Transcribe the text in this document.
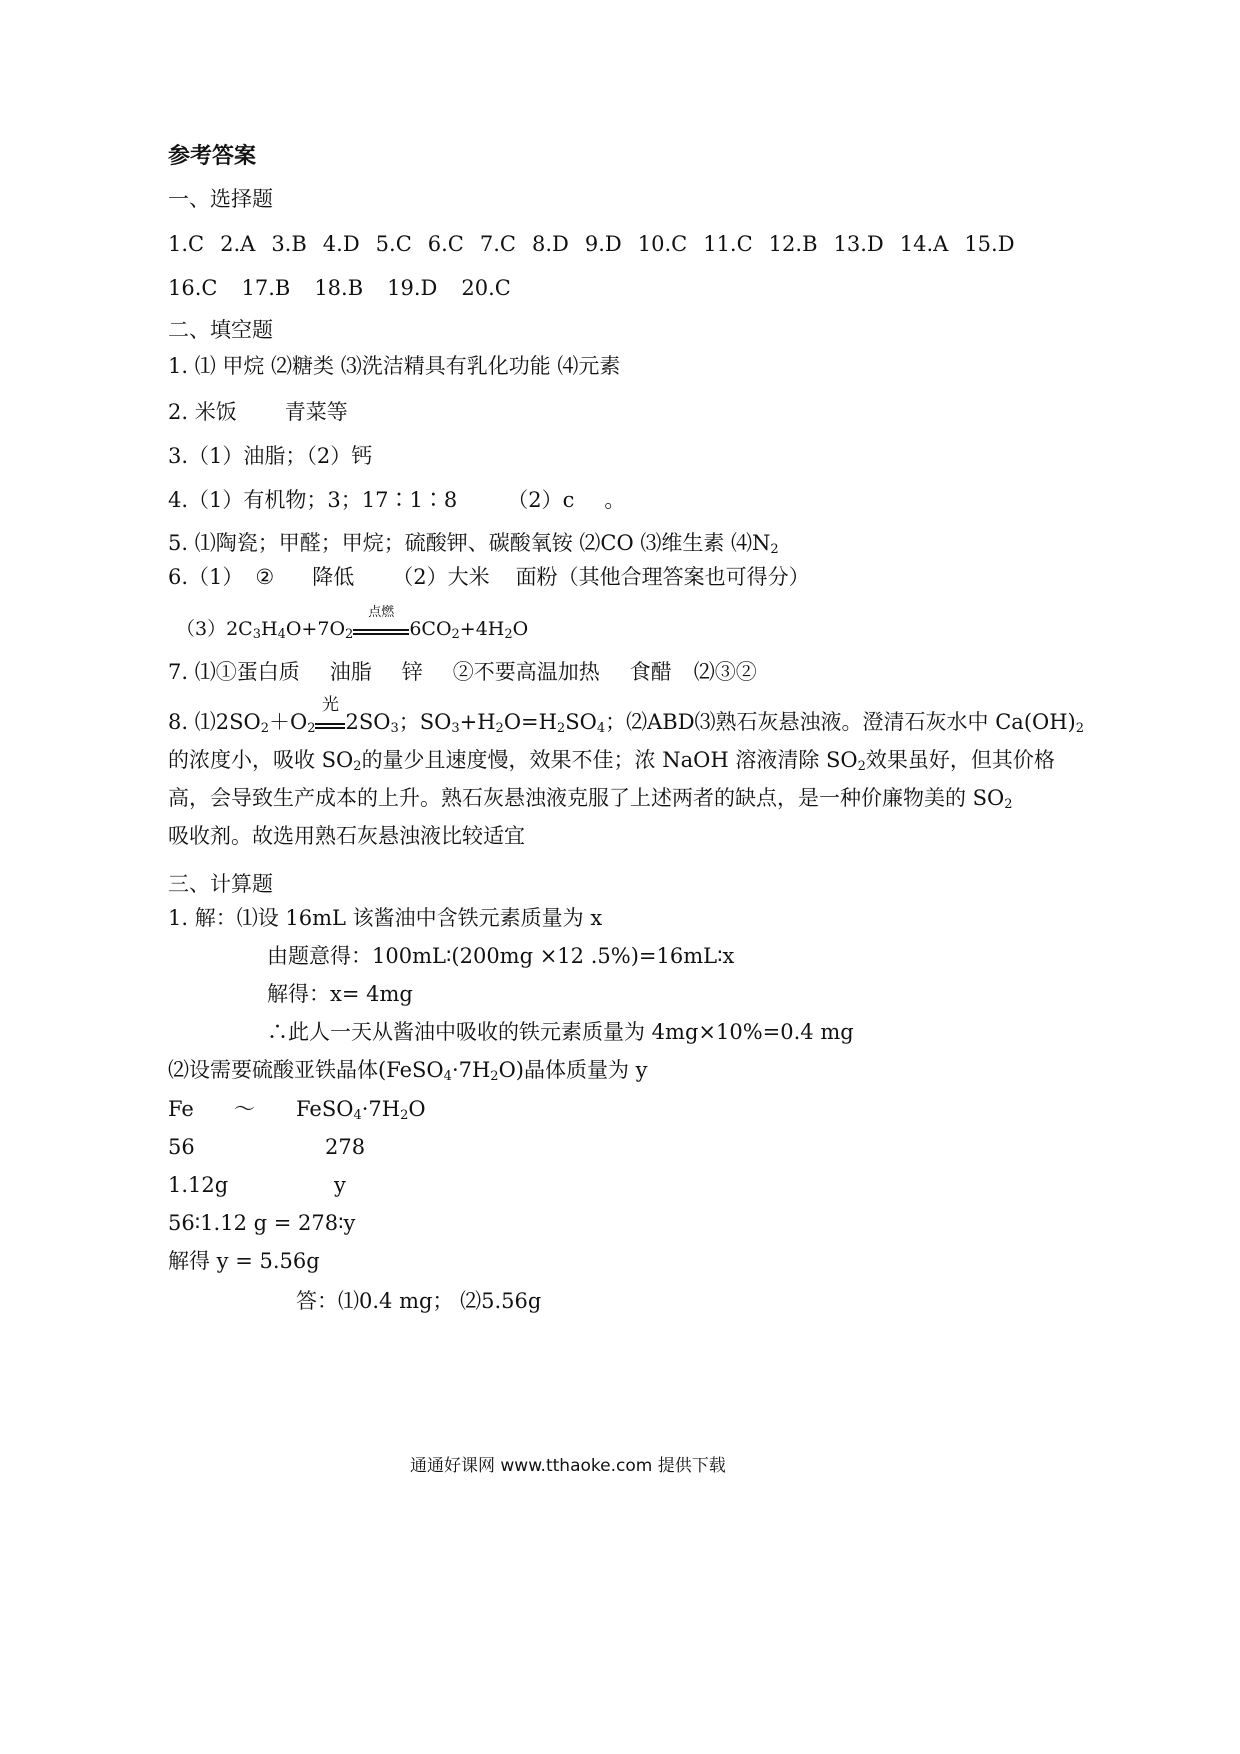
参考答案
一、选择题
1.C 2.A 3.B 4.D 5.C 6.C 7.C 8.D 9.D 10.C 11.C 12.B 13.D 14.A 15.D
16.C 17.B 18.B 19.D 20.C
二、填空题
1. ⑴ 甲烷 ⑵糖类 ⑶洗洁精具有乳化功能 ⑷元素
2. 米饭 青菜等
3.（1）油脂；（2）钙
4.（1）有机物；3；17∶1∶8 （2）c 。
5. ⑴陶瓷；甲醛；甲烷；硫酸钾、碳酸氧铵 ⑵CO ⑶维生素 $⑷N_2$
6.（1） ② 降低 （2）大米 面粉（其他合理答案也可得分）
$(3)2C_3H_4O+7O_2$
点燃
$6CO_2+4H_2O$
7. ⑴①蛋白质 油脂 锌 ②不要高温加热 食醋 ⑵③②
8. $⑴2SO_2+O_2$
光
$2SO_3$；$SO_3+H_2O=H_2SO_4$；⑵ABD⑶熟石灰悬浊液。澄清石灰水中 $Ca(OH)_2$
的浓度小，吸收 $SO_2$的量少且速度慢，效果不佳；浓 NaOH 溶液清除 $SO_2$效果虽好，但其价格
高，会导致生产成本的上升。熟石灰悬浊液克服了上述两者的缺点，是一种价廉物美的 $SO_2$
吸收剂。故选用熟石灰悬浊液比较适宜
三、计算题
1. 解：⑴设 16mL 该酱油中含铁元素质量为 x
由题意得：100mL∶(200mg ×12 .5%)=16mL∶x
解得：x= 4mg
∴此人一天从酱油中吸收的铁元素质量为 4mg×10%=0.4 mg
⑵设需要硫酸亚铁晶体$(FeSO_4\cdot 7H_2O)$晶体质量为 y
Fe ～ $FeSO_4\cdot 7H_2O$
56	278
1.12g	y
56∶1.12 g = 278∶y
解得 y = 5.56g
答：⑴0.4 mg； ⑵5.56g
通通好课网 www.tthaoke.com 提供下载
